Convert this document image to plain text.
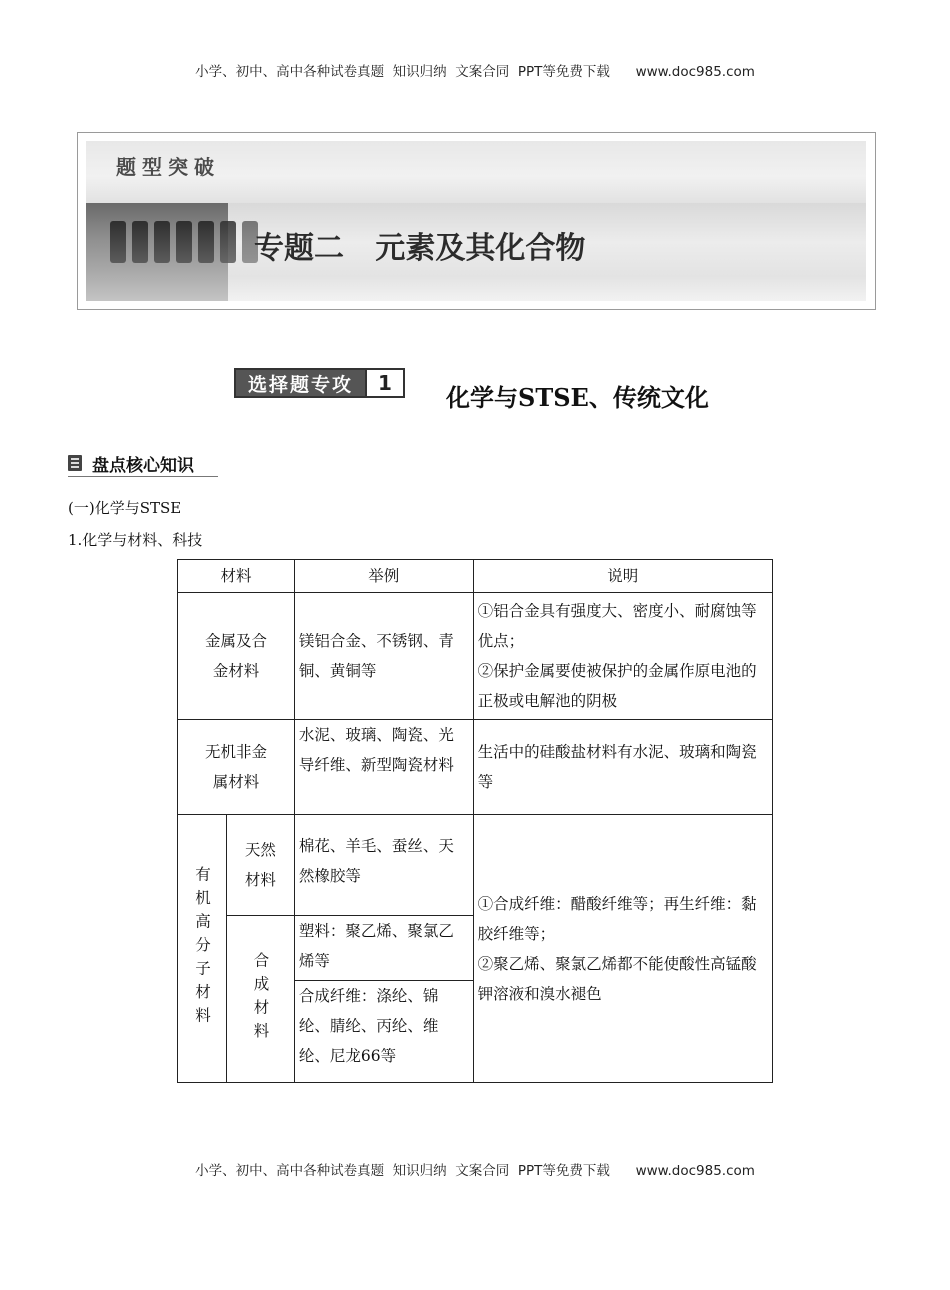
小学、初中、高中各种试卷真题  知识归纳  文案合同  PPT等免费下载      www.doc985.com
题型突破
专题二   元素及其化合物
选择题专攻	1	化学与STSE、传统文化
盘点核心知识
(一)化学与STSE
1.化学与材料、科技
材料		举例	说明
金属及合金材料		镁铝合金、不锈钢、青铜、黄铜等	①铝合金具有强度大、密度小、耐腐蚀等优点；
②保护金属要使被保护的金属作原电池的正极或电解池的阴极

无机非金属材料		水泥、玻璃、陶瓷、光导纤维、新型陶瓷材料	生活中的硅酸盐材料有水泥、玻璃和陶瓷等

有机高分子材料	天然材料	棉花、羊毛、蚕丝、天然橡胶等	①合成纤维：醋酸纤维等；再生纤维：黏胶纤维等；
②聚乙烯、聚氯乙烯都不能使酸性高锰酸钾溶液和溴水褪色

	合成材料	塑料：聚乙烯、聚氯乙烯等	
		合成纤维：涤纶、锦纶、腈纶、丙纶、维纶、尼龙66等	
小学、初中、高中各种试卷真题  知识归纳  文案合同  PPT等免费下载      www.doc985.com
